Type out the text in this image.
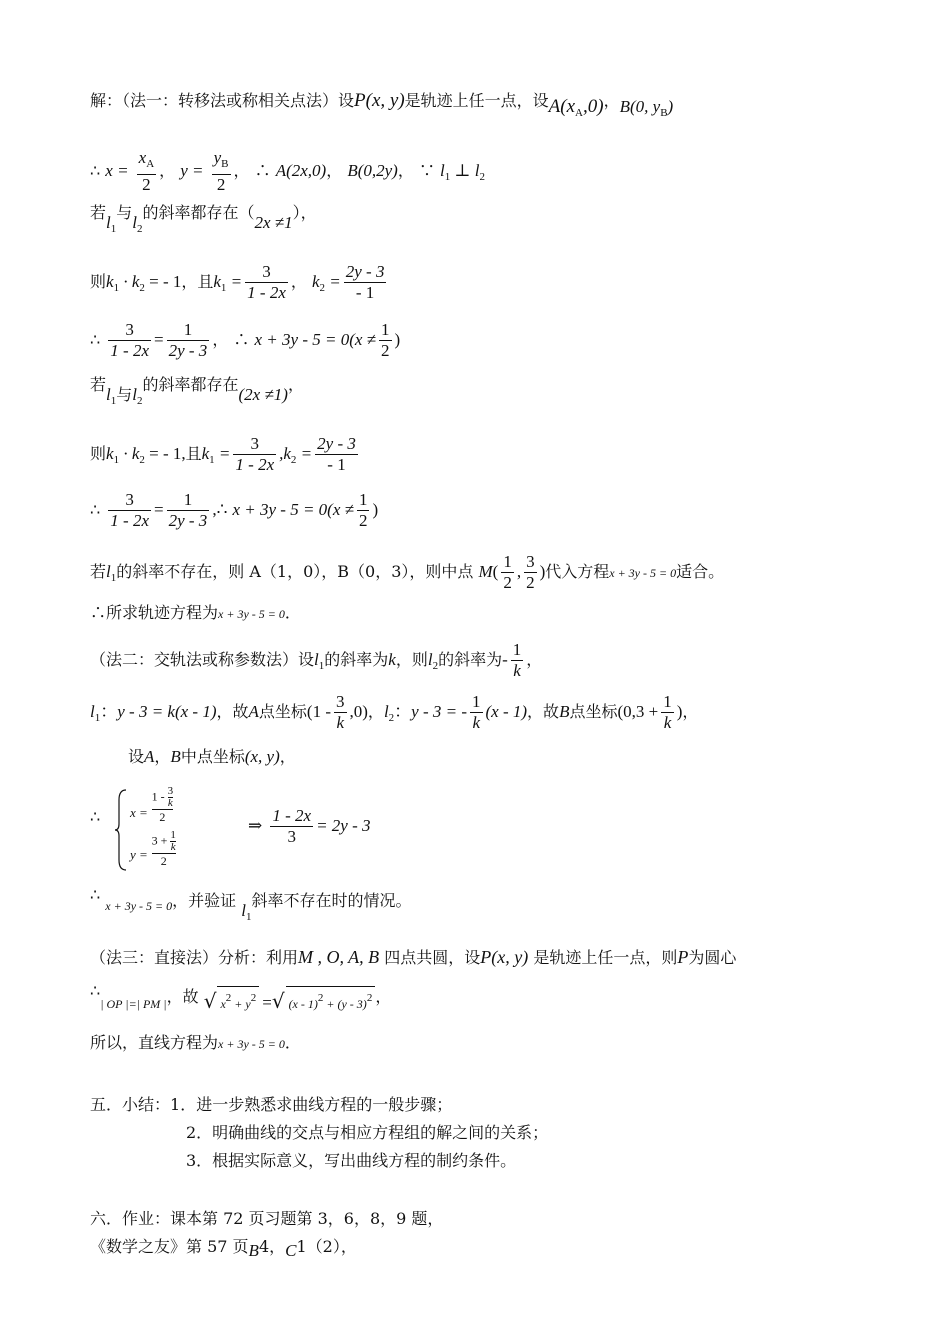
解：（法一：转移法或称相关点法）设P(x, y)是轨迹上任一点，设$A(x_A,0)$，B(0, $y_B$)
∴ $x = \frac{x_A}{2}$ ， $y = \frac{y_B}{2}$ ， ∴ A(2x,0)， B(0,2y)， ∵ $l_1$ ⊥ $l_2$
若$l_1$与$l_2$的斜率都存在（2x ≠1），
则$k_1 \cdot k_2$ = - 1，且$k_1 = \frac{3}{1 - 2x}$ ， $k_2 = \frac{2y - 3}{- 1}$
∴ $\frac{3}{1 - 2x} = \frac{1}{2y - 3}$ ， ∴ $x + 3y - 5 = 0(x \ne \frac{1}{2}$ )
若$l_1$与$l_2$的斜率都存在(2x ≠1)，
则$k_1 \cdot k_2$ = - 1,且$k_1 = \frac{3}{1 - 2x} ,k_2 = \frac{2y - 3}{- 1}$
∴ $\frac{3}{1 - 2x} = \frac{1}{2y - 3}$ ,∴ $x + 3y - 5 = 0(x \ne \frac{1}{2}$ )
若$l_1$的斜率不存在，则 A（1，0），B（0，3），则中点 $M( \frac{1}{2}$ , $\frac{3}{2}$ )代入方程x + 3y - 5 = 0适合。
∴所求轨迹方程为x + 3y - 5 = 0．
（法二：交轨法或称参数法）设$l_1$的斜率为k，则$l_2$的斜率为- $\frac{1}{k}$ ，
$l_1$：y - 3 = k(x - 1)，故A点坐标$(1 - \frac{3}{k} ,0)$，$l_2$：y - 3 = - $\frac{1}{k} (x - 1)$，故B点坐标($0,3 + \frac{1}{k}$ )，
设A，B中点坐标(x, y)，
∴ $x = \frac{1 - \frac{3}{k}}{2}$
$y = \frac{3 + \frac{1}{k}}{2}$
⇒ $\frac{1 - 2x}{3} = 2y - 3$
∴ $_{x + 3y - 5 = 0}$，并验证 $l_1$斜率不存在时的情况。
（法三：直接法）分析：利用M , O, A, B 四点共圆，设P(x, y) 是轨迹上任一点，则P为圆心
$\therefore_{| OP |=| PM |}$，故 $_{√ x2 + y2 =√ (x - 1)2 + (y - 3)2}$ ，
所以，直线方程为x + 3y - 5 = 0．
五．小结：1．进一步熟悉求曲线方程的一般步骤；
2．明确曲线的交点与相应方程组的解之间的关系；
3．根据实际意义，写出曲线方程的制约条件。
六．作业：课本第 72 页习题第 3，6，8，9 题，
《数学之友》第 57 页B4，C1（2），
